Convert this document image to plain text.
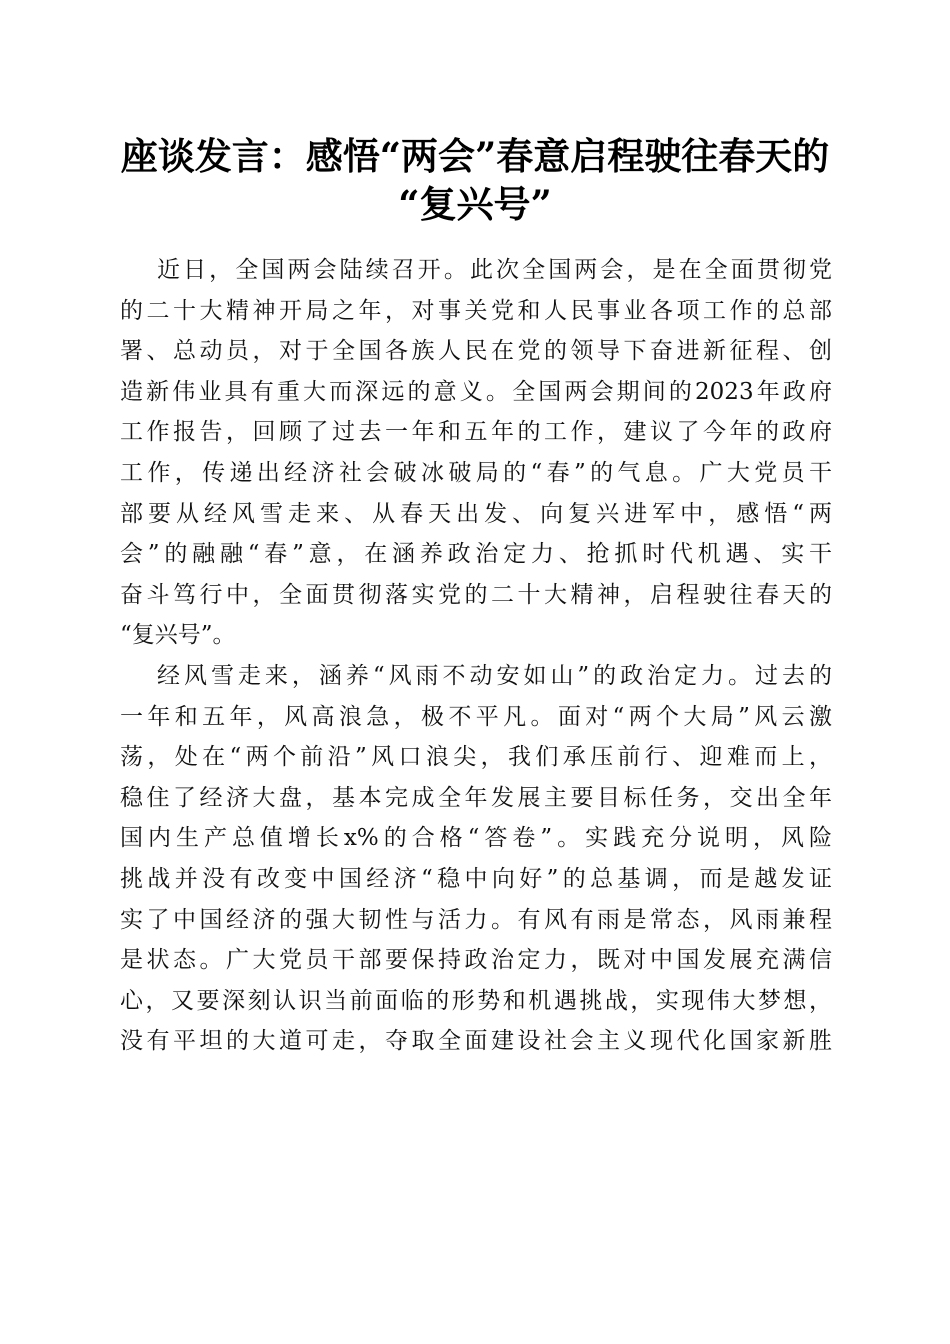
座谈发言：感悟“两会”春意启程驶往春天的
“复兴号”
近日，全国两会陆续召开。此次全国两会，是在全面贯彻党
的二十大精神开局之年，对事关党和人民事业各项工作的总部
署、总动员，对于全国各族人民在党的领导下奋进新征程、创
造新伟业具有重大而深远的意义。全国两会期间的2023年政府
工作报告，回顾了过去一年和五年的工作，建议了今年的政府
工作，传递出经济社会破冰破局的“春”的气息。广大党员干
部要从经风雪走来、从春天出发、向复兴进军中，感悟“两
会”的融融“春”意，在涵养政治定力、抢抓时代机遇、实干
奋斗笃行中，全面贯彻落实党的二十大精神，启程驶往春天的
“复兴号”。
经风雪走来，涵养“风雨不动安如山”的政治定力。过去的
一年和五年，风高浪急，极不平凡。面对“两个大局”风云激
荡，处在“两个前沿”风口浪尖，我们承压前行、迎难而上，
稳住了经济大盘，基本完成全年发展主要目标任务，交出全年
国内生产总值增长x%的合格“答卷”。实践充分说明，风险
挑战并没有改变中国经济“稳中向好”的总基调，而是越发证
实了中国经济的强大韧性与活力。有风有雨是常态，风雨兼程
是状态。广大党员干部要保持政治定力，既对中国发展充满信
心，又要深刻认识当前面临的形势和机遇挑战，实现伟大梦想，
没有平坦的大道可走，夺取全面建设社会主义现代化国家新胜
